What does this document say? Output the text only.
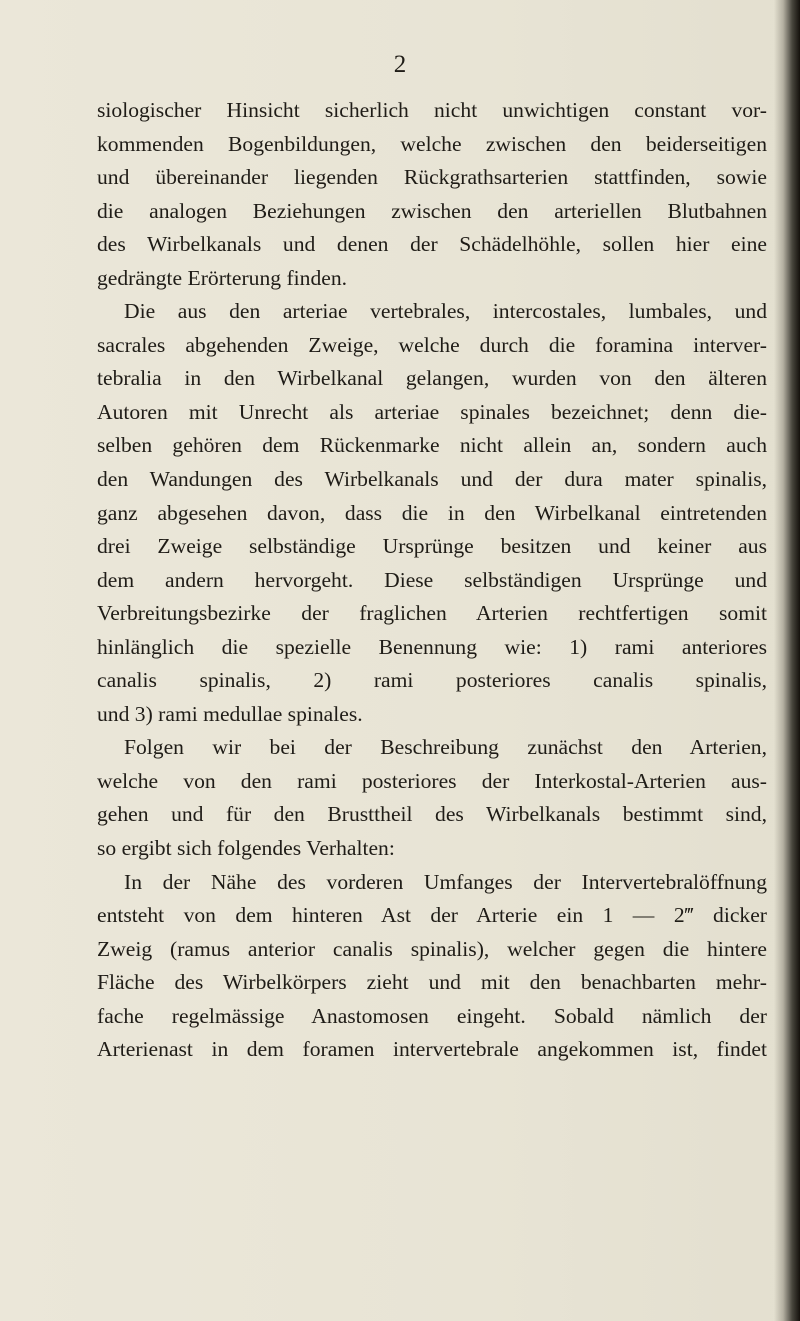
2
siologischer Hinsicht sicherlich nicht unwichtigen constant vor-
kommenden Bogenbildungen, welche zwischen den beiderseitigen
und übereinander liegenden Rückgrathsarterien stattfinden, sowie
die analogen Beziehungen zwischen den arteriellen Blutbahnen
des Wirbelkanals und denen der Schädelhöhle, sollen hier eine
gedrängte Erörterung finden.
Die aus den arteriae vertebrales, intercostales, lumbales, und
sacrales abgehenden Zweige, welche durch die foramina interver-
tebralia in den Wirbelkanal gelangen, wurden von den älteren
Autoren mit Unrecht als arteriae spinales bezeichnet; denn die-
selben gehören dem Rückenmarke nicht allein an, sondern auch
den Wandungen des Wirbelkanals und der dura mater spinalis,
ganz abgesehen davon, dass die in den Wirbelkanal eintretenden
drei Zweige selbständige Ursprünge besitzen und keiner aus
dem andern hervorgeht. Diese selbständigen Ursprünge und
Verbreitungsbezirke der fraglichen Arterien rechtfertigen somit
hinlänglich die spezielle Benennung wie: 1) rami anteriores
canalis spinalis, 2) rami posteriores canalis spinalis,
und 3) rami medullae spinales.
Folgen wir bei der Beschreibung zunächst den Arterien,
welche von den rami posteriores der Interkostal-Arterien aus-
gehen und für den Brusttheil des Wirbelkanals bestimmt sind,
so ergibt sich folgendes Verhalten:
In der Nähe des vorderen Umfanges der Intervertebralöffnung
entsteht von dem hinteren Ast der Arterie ein 1 — 2‴ dicker
Zweig (ramus anterior canalis spinalis), welcher gegen die hintere
Fläche des Wirbelkörpers zieht und mit den benachbarten mehr-
fache regelmässige Anastomosen eingeht. Sobald nämlich der
Arterienast in dem foramen intervertebrale angekommen ist, findet
